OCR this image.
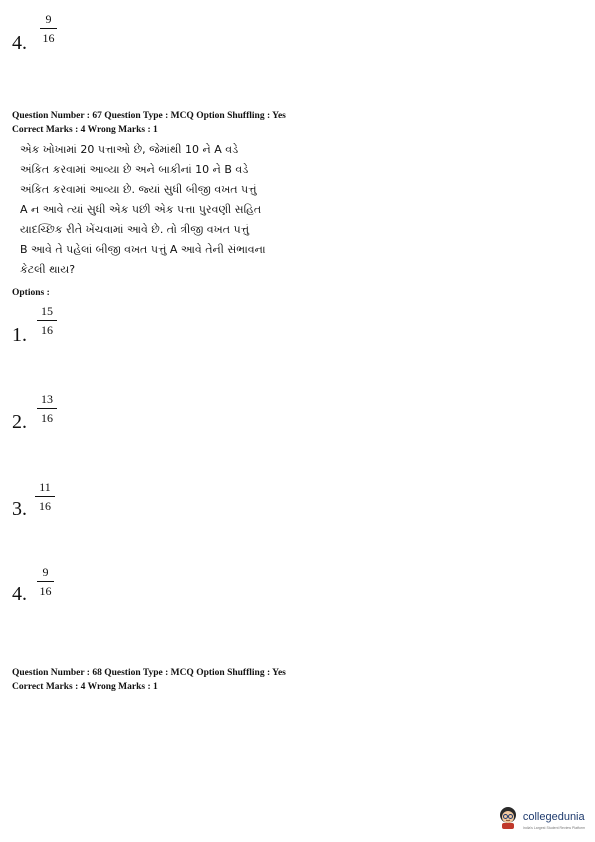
4.
9
16
Question Number : 67 Question Type : MCQ Option Shuffling : Yes
Correct Marks : 4 Wrong Marks : 1
એક ખોખામાં 20 પત્તાઓ છે, જેમાંથી 10 ને A વડે
અંકિત કરવામાં આવ્યા છે અને બાકીનાં 10 ને B વડે
અંકિત કરવામાં આવ્યા છે. જ્યાં સુધી બીજી વખત પત્તું
A ન આવે ત્યાં સુધી એક પછી એક પત્તા પુરવણી સહિત
યાદચ્છિક રીતે ખેંચવામાં આવે છે. તો ત્રીજી વખત પત્તું
B આવે તે પહેલાં બીજી વખત પત્તું A આવે તેની સંભાવના
કેટલી થાય?
Options :
1.
15
16
2.
13
16
3.
11
16
4.
9
16
Question Number : 68 Question Type : MCQ Option Shuffling : Yes
Correct Marks : 4 Wrong Marks : 1
collegedunia
India's Largest Student Review Platform
